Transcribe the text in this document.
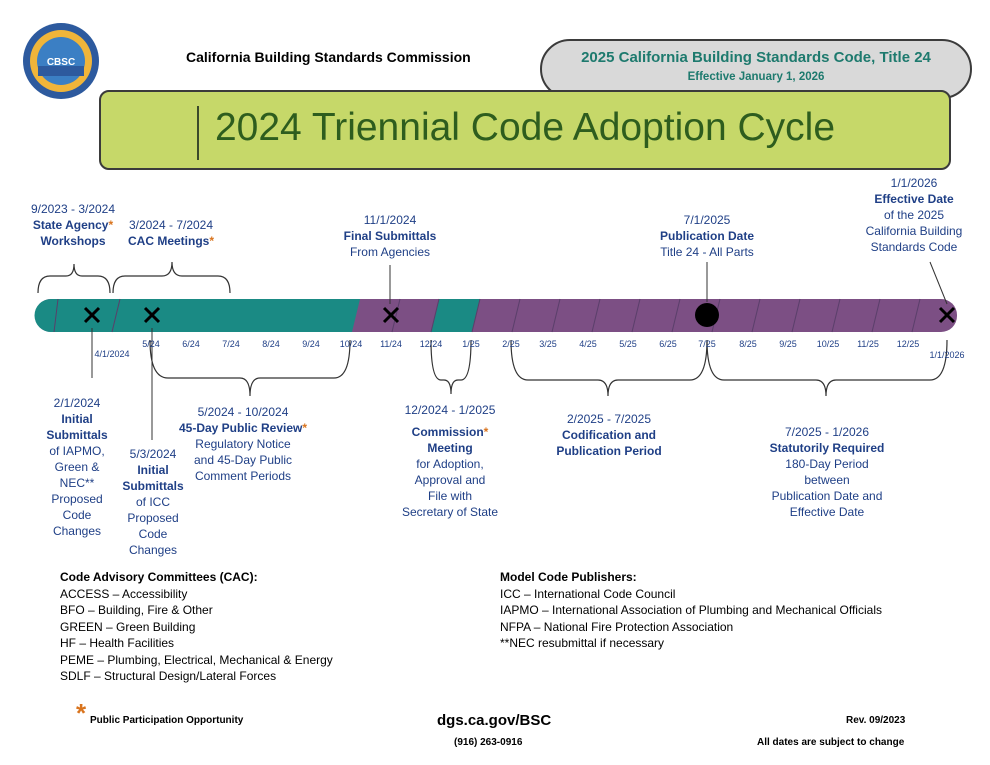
CBSC	California Building Standards Commission	2025 California Building Standards Code, Title 24
Effective January 1, 2026
2024 Triennial Code Adoption Cycle
4/1/2024
5/24 6/24 7/24 8/24 9/24 10/24 11/24 12/24 1/25 2/25 3/25 4/25 5/25 6/25 7/25	8/25 9/25 10/25 11/25 12/25
1/1/2026
9/2023 - 3/2024
State Agency*
Workshops
3/2024 - 7/2024
CAC Meetings*
11/1/2024
Final Submittals
From Agencies
7/1/2025
Publication Date
Title 24 - All Parts
1/1/2026
Effective Date
of the 2025
California Building
Standards Code
2/1/2024
Initial
Submittals
of IAPMO,
Green &
NEC**
Proposed
Code
Changes
5/3/2024
Initial
Submittals
of ICC
Proposed
Code
Changes
5/2024 - 10/2024
45-Day Public Review*
Regulatory Notice
and 45-Day Public
Comment Periods
12/2024 - 1/2025
Commission*
Meeting
for Adoption,
Approval and
File with
Secretary of State
2/2025 - 7/2025
Codification and
Publication Period
7/2025 - 1/2026
Statutorily Required
180-Day Period
between
Publication Date and
Effective Date
Code Advisory Committees (CAC):
ACCESS – Accessibility
BFO – Building, Fire & Other
GREEN – Green Building
HF – Health Facilities
PEME – Plumbing, Electrical, Mechanical & Energy
SDLF – Structural Design/Lateral Forces
Model Code Publishers:
ICC – International Code Council
IAPMO – International Association of Plumbing and Mechanical Officials
NFPA – National Fire Protection Association
**NEC resubmittal if necessary
* Public Participation Opportunity	dgs.ca.gov/BSC
(916) 263-0916
Rev. 09/2023
All dates are subject to change
